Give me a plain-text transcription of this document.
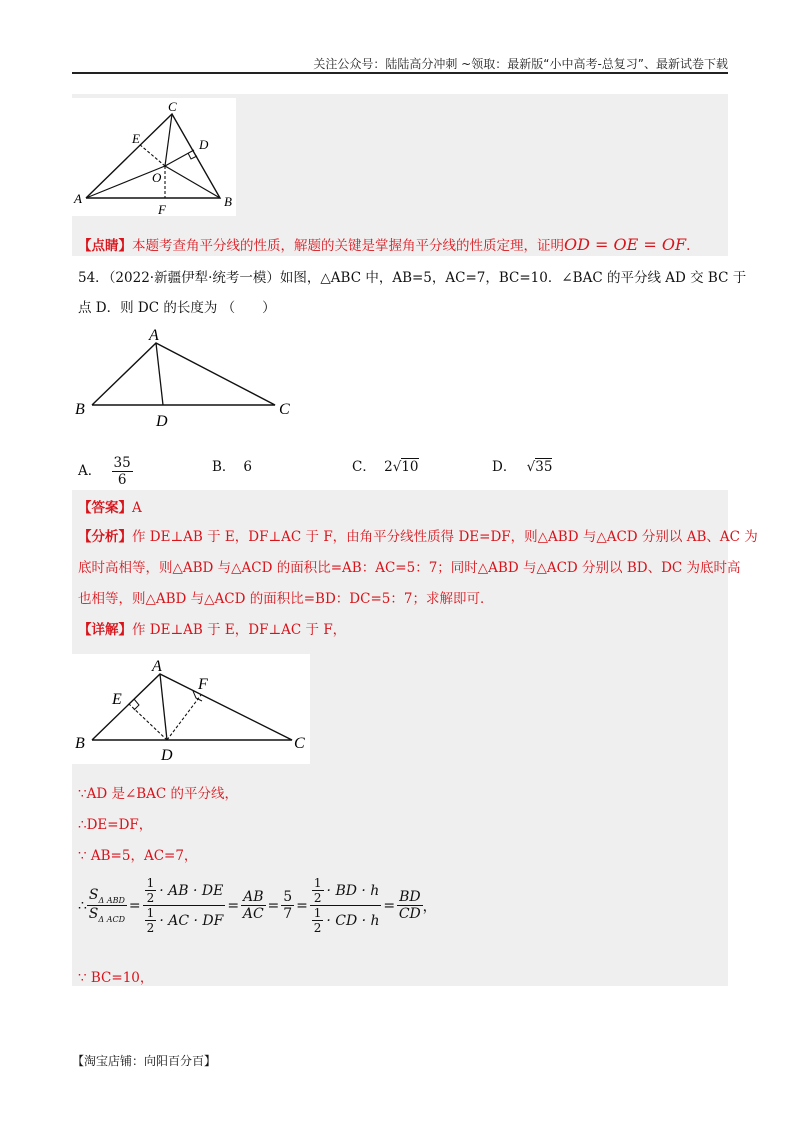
关注公众号：陆陆高分冲刺 ~领取：最新版“小中高考-总复习”、最新试卷下载
C
E	D
O
A	B
F
【点睛】本题考查角平分线的性质，解题的关键是掌握角平分线的性质定理，证明OD = OE = OF.
54．（2022·新疆伊犁·统考一模）如图，△ABC 中，AB=5，AC=7，BC=10．∠BAC 的平分线 AD 交 BC 于
点 D．则 DC 的长度为 （　　）
A
B
D
C
A． $\frac{35}{6}$	B． 6	C． 2√10	D． √35
【答案】A
【分析】作 DE⊥AB 于 E，DF⊥AC 于 F，由角平分线性质得 DE=DF，则△ABD 与△ACD 分别以 AB、AC 为
底时高相等，则△ABD 与△ACD 的面积比=AB：AC=5：7；同时△ABD 与△ACD 分别以 BD、DC 为底时高
也相等，则△ABD 与△ACD 的面积比=BD：DC=5：7；求解即可．
【详解】作 DE⊥AB 于 E，DF⊥AC 于 F，
A
E
F
B
D
C
∵AD 是∠BAC 的平分线，
∴DE=DF，
∵ AB=5，AC=7，
∴ $\frac{S_{\Delta ABD}}{S_{\Delta ACD}} = \frac{\frac{1}{2} \cdot AB \cdot DE}{\frac{1}{2} \cdot AC \cdot DF} = \frac{AB}{AC} = \frac{5}{7} = \frac{\frac{1}{2} \cdot BD \cdot h}{\frac{1}{2} \cdot CD \cdot h} = \frac{BD}{CD}$ ，
∵ BC=10，
【淘宝店铺：向阳百分百】
